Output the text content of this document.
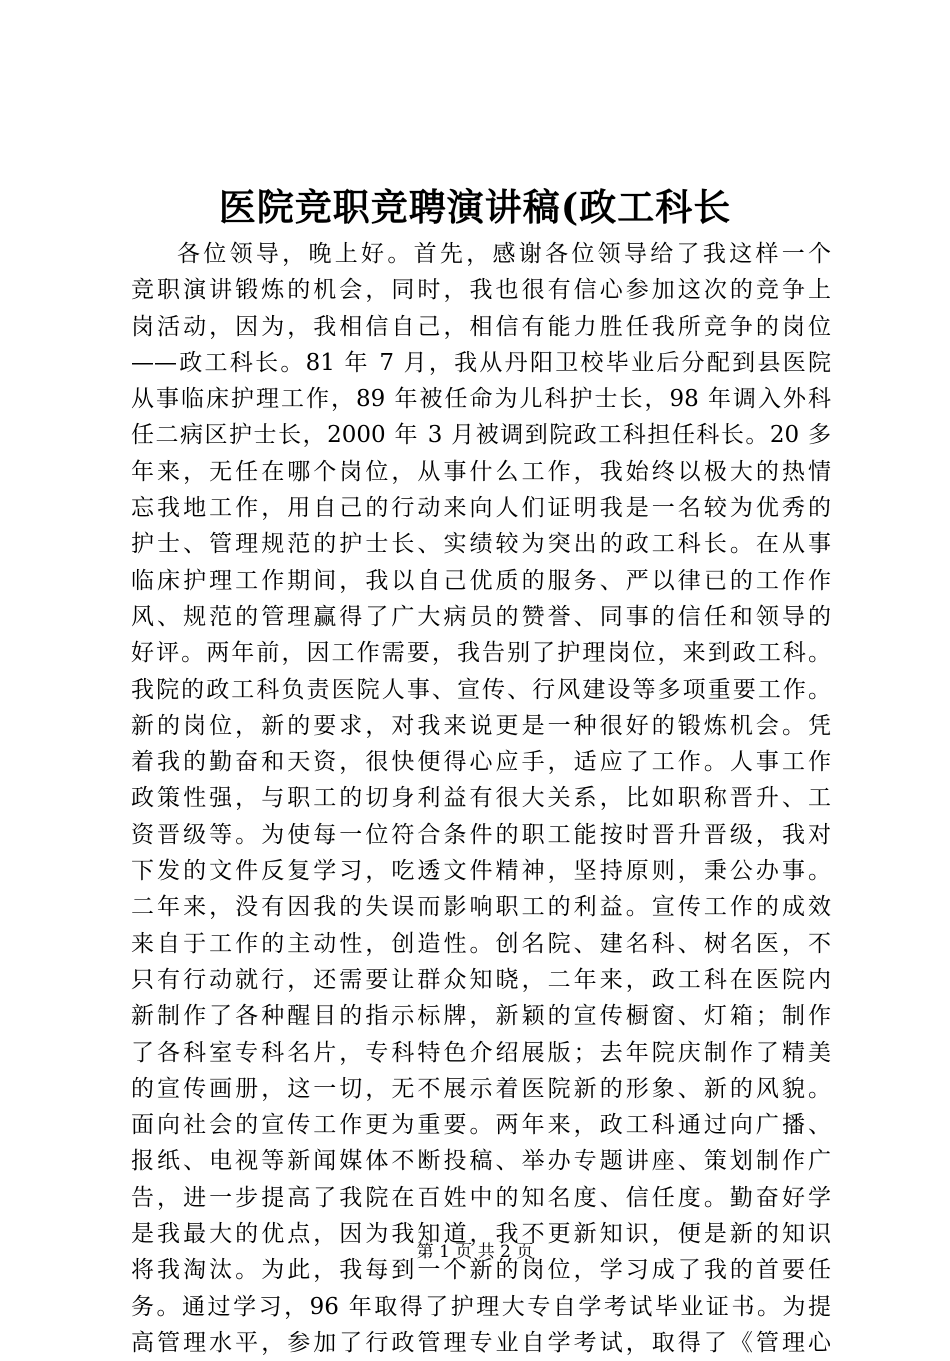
医院竞职竞聘演讲稿(政工科长
各位领导，晚上好。首先，感谢各位领导给了我这样一个
竞职演讲锻炼的机会，同时，我也很有信心参加这次的竞争上
岗活动，因为，我相信自己，相信有能力胜任我所竞争的岗位
——政工科长。81 年 7 月，我从丹阳卫校毕业后分配到县医院
从事临床护理工作，89 年被任命为儿科护士长，98 年调入外科
任二病区护士长，2000 年 3 月被调到院政工科担任科长。20 多
年来，无任在哪个岗位，从事什么工作，我始终以极大的热情
忘我地工作，用自己的行动来向人们证明我是一名较为优秀的
护士、管理规范的护士长、实绩较为突出的政工科长。在从事
临床护理工作期间，我以自己优质的服务、严以律已的工作作
风、规范的管理赢得了广大病员的赞誉、同事的信任和领导的
好评。两年前，因工作需要，我告别了护理岗位，来到政工科。
我院的政工科负责医院人事、宣传、行风建设等多项重要工作。
新的岗位，新的要求，对我来说更是一种很好的锻炼机会。凭
着我的勤奋和天资，很快便得心应手，适应了工作。人事工作
政策性强，与职工的切身利益有很大关系，比如职称晋升、工
资晋级等。为使每一位符合条件的职工能按时晋升晋级，我对
下发的文件反复学习，吃透文件精神，坚持原则，秉公办事。
二年来，没有因我的失误而影响职工的利益。宣传工作的成效
来自于工作的主动性，创造性。创名院、建名科、树名医，不
只有行动就行，还需要让群众知晓，二年来，政工科在医院内
新制作了各种醒目的指示标牌，新颖的宣传橱窗、灯箱；制作
了各科室专科名片，专科特色介绍展版；去年院庆制作了精美
的宣传画册，这一切，无不展示着医院新的形象、新的风貌。
面向社会的宣传工作更为重要。两年来，政工科通过向广播、
报纸、电视等新闻媒体不断投稿、举办专题讲座、策划制作广
告，进一步提高了我院在百姓中的知名度、信任度。勤奋好学
是我最大的优点，因为我知道，我不更新知识，便是新的知识
将我淘汰。为此，我每到一个新的岗位，学习成了我的首要任
务。通过学习，96 年取得了护理大专自学考试毕业证书。为提
高管理水平，参加了行政管理专业自学考试，取得了《管理心
第 1 页 共 2 页
